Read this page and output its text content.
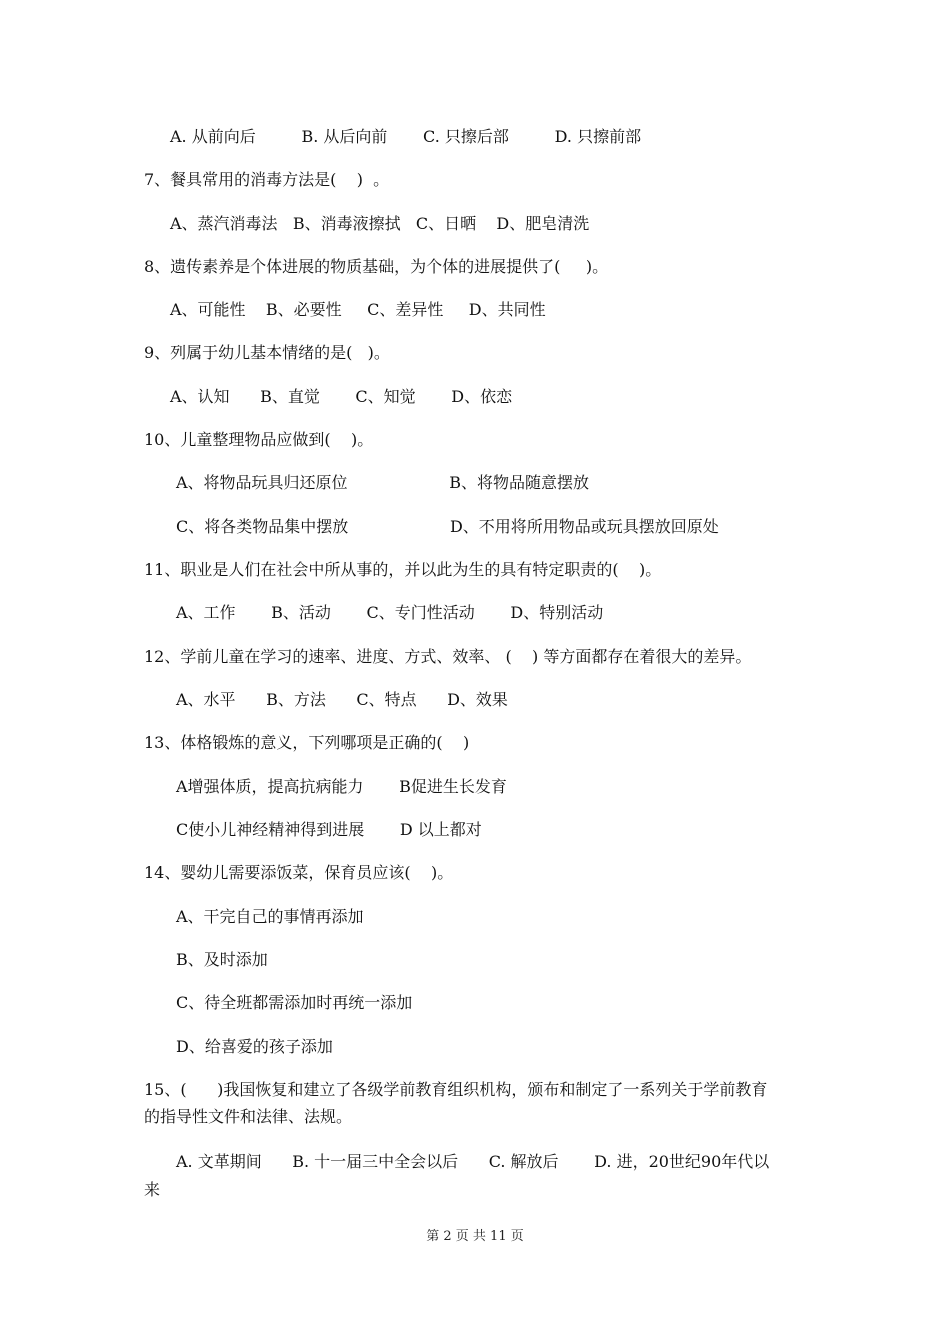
A. 从前向后         B. 从后向前       C. 只擦后部         D. 只擦前部
7、餐具常用的消毒方法是(    )  。
A、蒸汽消毒法   B、消毒液擦拭   C、日晒    D、肥皂清洗
8、遗传素养是个体进展的物质基础，为个体的进展提供了(     )。
A、可能性    B、必要性     C、差异性     D、共同性
9、列属于幼儿基本情绪的是(   )。
A、认知      B、直觉       C、知觉       D、依恋
10、儿童整理物品应做到(    )。
A、将物品玩具归还原位                    B、将物品随意摆放
C、将各类物品集中摆放                    D、不用将所用物品或玩具摆放回原处
11、职业是人们在社会中所从事的，并以此为生的具有特定职责的(    )。
A、工作       B、活动       C、专门性活动       D、特别活动
12、学前儿童在学习的速率、进度、方式、效率、 (    ) 等方面都存在着很大的差异。
A、水平      B、方法      C、特点      D、效果
13、体格锻炼的意义，下列哪项是正确的(    )
A增强体质，提高抗病能力       B促进生长发育
C使小儿神经精神得到进展       D 以上都对
14、婴幼儿需要添饭菜，保育员应该(    )。
A、干完自己的事情再添加
B、及时添加
C、待全班都需添加时再统一添加
D、给喜爱的孩子添加
15、(      )我国恢复和建立了各级学前教育组织机构，颁布和制定了一系列关于学前教育
的指导性文件和法律、法规。
A. 文革期间      B. 十一届三中全会以后      C. 解放后       D. 进，20世纪90年代以
来
第 2 页 共 11 页
